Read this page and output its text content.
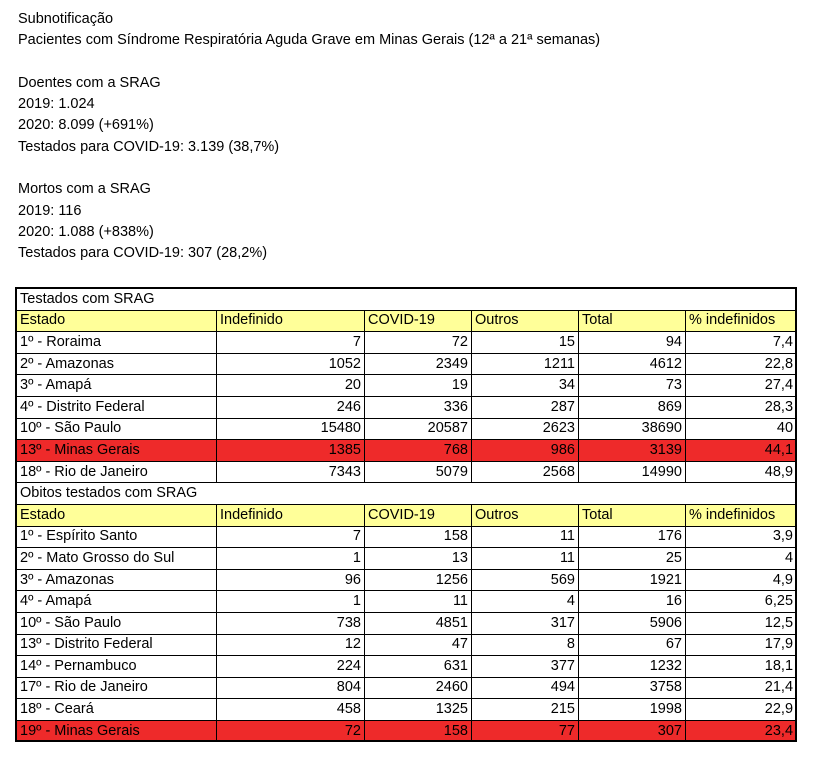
Subnotificação
Pacientes com Síndrome Respiratória Aguda Grave em Minas Gerais (12ª a 21ª semanas)
Doentes com a SRAG
2019: 1.024
2020: 8.099 (+691%)
Testados para COVID-19: 3.139 (38,7%)
Mortos com a SRAG
2019: 116
2020: 1.088 (+838%)
Testados para COVID-19: 307 (28,2%)
Testados com SRAG					
Estado	Indefinido	COVID-19	Outros	Total	% indefinidos
1º - Roraima	7	72	15	94	7,4
2º - Amazonas	1052	2349	1211	4612	22,8
3º - Amapá	20	19	34	73	27,4
4º - Distrito Federal	246	336	287	869	28,3
10º - São Paulo	15480	20587	2623	38690	40
13º - Minas Gerais	1385	768	986	3139	44,1
18º - Rio de Janeiro	7343	5079	2568	14990	48,9
Obitos testados com SRAG					
Estado	Indefinido	COVID-19	Outros	Total	% indefinidos
1º - Espírito Santo	7	158	11	176	3,9
2º - Mato Grosso do Sul	1	13	11	25	4
3º - Amazonas	96	1256	569	1921	4,9
4º - Amapá	1	11	4	16	6,25
10º - São Paulo	738	4851	317	5906	12,5
13º - Distrito Federal	12	47	8	67	17,9
14º - Pernambuco	224	631	377	1232	18,1
17º - Rio de Janeiro	804	2460	494	3758	21,4
18º - Ceará	458	1325	215	1998	22,9
19º - Minas Gerais	72	158	77	307	23,4
